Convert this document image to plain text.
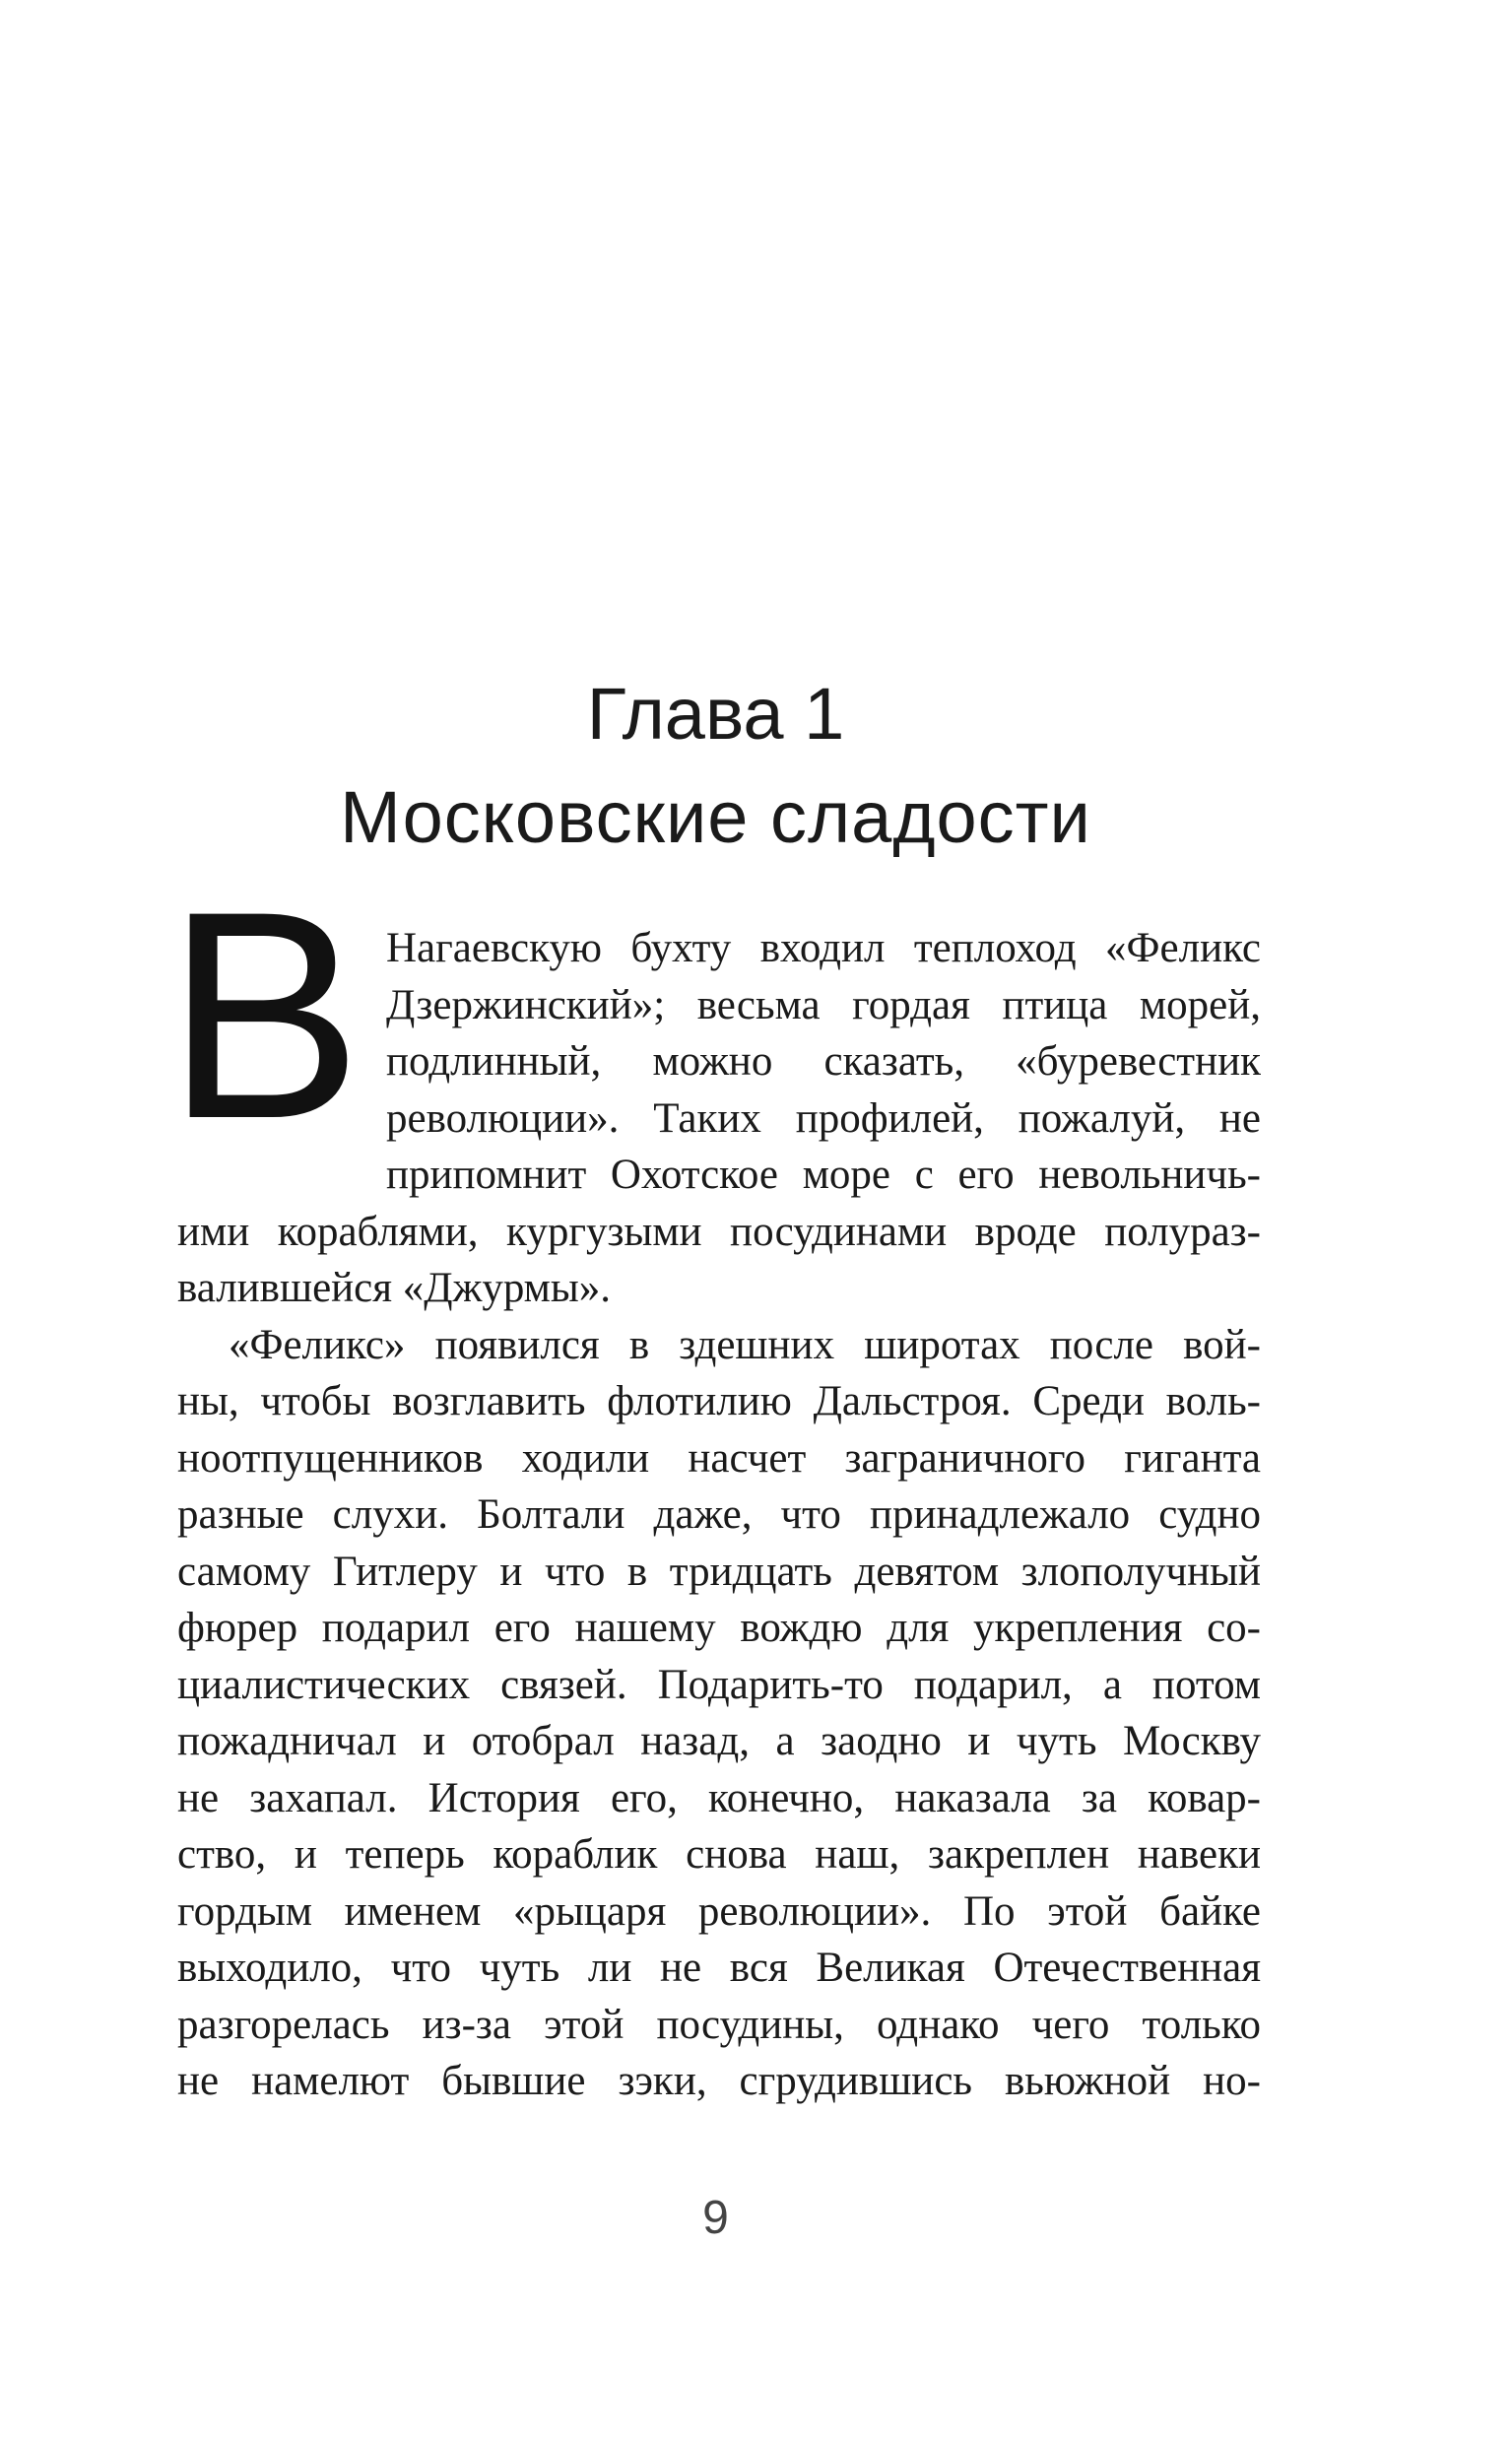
Глава 1
Московские сладости
В Нагаевскую бухту входил теплоход «Феликс
Дзержинский»; весьма гордая птица морей,
подлинный, можно сказать, «буревестник
революции». Таких профилей, пожалуй, не
припомнит Охотское море с его невольничь-
ими кораблями, кургузыми посудинами вроде полураз-
валившейся «Джурмы».
«Феликс» появился в здешних широтах после вой-
ны, чтобы возглавить флотилию Дальстроя. Среди воль-
ноотпущенников ходили насчет заграничного гиганта
разные слухи. Болтали даже, что принадлежало судно
самому Гитлеру и что в тридцать девятом злополучный
фюрер подарил его нашему вождю для укрепления со-
циалистических связей. Подарить-то подарил, а потом
пожадничал и отобрал назад, а заодно и чуть Москву
не захапал. История его, конечно, наказала за ковар-
ство, и теперь кораблик снова наш, закреплен навеки
гордым именем «рыцаря революции». По этой байке
выходило, что чуть ли не вся Великая Отечественная
разгорелась из-за этой посудины, однако чего только
не намелют бывшие зэки, сгрудившись вьюжной но-
9
